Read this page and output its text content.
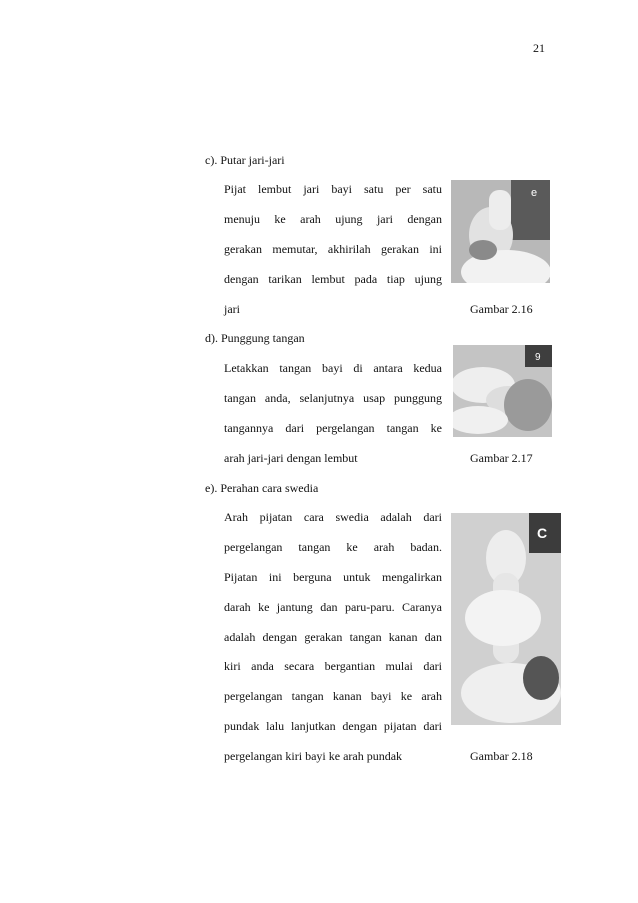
21
c). Putar jari-jari
Pijat lembut jari bayi satu per satu
menuju ke arah ujung jari dengan
gerakan memutar, akhirilah gerakan ini
dengan tarikan lembut pada tiap ujung
jari	Gambar 2.16
e
d). Punggung tangan
Letakkan tangan bayi di antara kedua
tangan anda, selanjutnya usap punggung
tangannya dari pergelangan tangan ke
arah jari-jari dengan lembut	Gambar 2.17
9
e). Perahan cara swedia
Arah pijatan cara swedia adalah dari
pergelangan tangan ke arah badan.
Pijatan ini berguna untuk mengalirkan
darah ke jantung dan paru-paru. Caranya
adalah dengan gerakan tangan kanan dan
kiri anda secara bergantian mulai dari
pergelangan tangan kanan bayi ke arah
pundak lalu lanjutkan dengan pijatan dari
pergelangan kiri bayi ke arah pundak	Gambar 2.18
C
